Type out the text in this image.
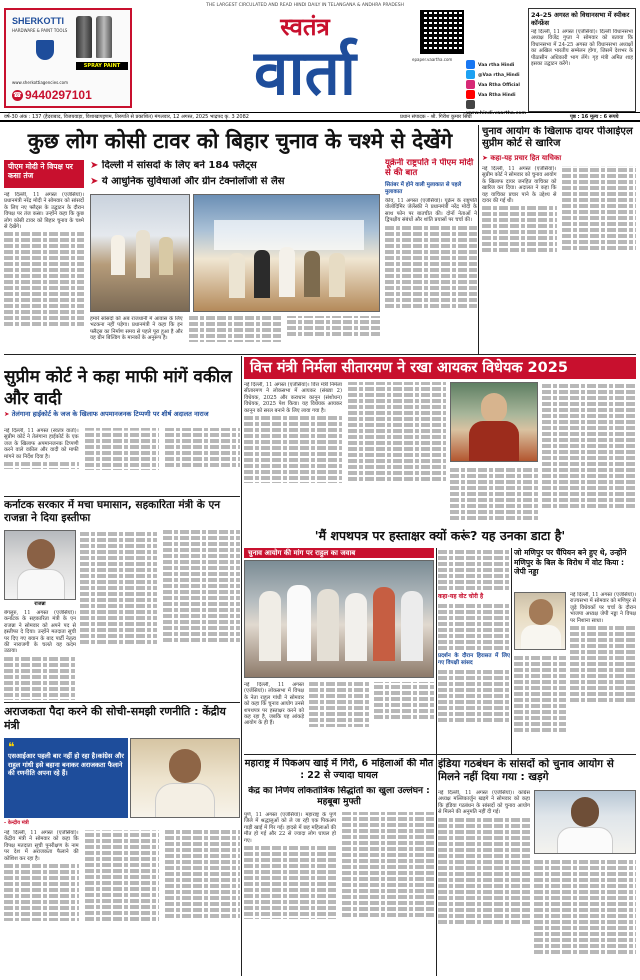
SHERKOTTI
HARDWARE & PAINT TOOLS
SPRAY PAINT
www.sherkottiagencies.com
☎ 9440297101
THE LARGEST CIRCULATED AND READ HINDI DAILY IN TELANGANA & ANDHRA PRADESH
स्वतंत्र
वार्ता	epaper.vaartha.com
Vaa rtha Hindi
@Vaa rtha_Hindi
Vaa Rtha Official
Vaa Rtha Hindi
www.hindi.vaartha.com
24-25 अगस्त को विधानसभा में स्पीकर कॉन्फ्रेंस
नई दिल्ली, 11 अगस्त (एजेंसियां)। दिल्ली विधानसभा अध्यक्ष विजेंद्र गुप्ता ने सोमवार को बताया कि विधानसभा में 24-25 अगस्त को विधानसभा अध्यक्षों का अखिल भारतीय सम्मेलन होगा, जिसमें देशभर के पीठासीन अधिकारी भाग लेंगे। गृह मंत्री अमित शाह इसका उद्घाटन करेंगे।
वर्ष-30 अंक : 137 (हैदराबाद, विजयवाड़ा, विशाखापट्टणम, तिरुपति से प्रकाशित) मंगलवार, 12 अगस्त, 2025 भाद्रपद कृ. 3 2082	प्रधान संपादक - श्री. गिरीश कुमार सिंघी	पृष्ठ : 16 मूल्य : 6 रूपये
कुछ लोग कोसी टावर को बिहार चुनाव के चश्मे से देखेंगे
पीएम मोदी ने विपक्ष पर कसा तंज
नई दिल्ली, 11 अगस्त (एजेंसियां)। प्रधानमंत्री नरेंद्र मोदी ने सोमवार को सांसदों के लिए नए फ्लैट्स के उद्घाटन के दौरान विपक्ष पर तंज कसा। उन्होंने कहा कि कुछ लोग कोसी टावर को बिहार चुनाव के चश्मे से देखेंगे।
➤ दिल्ली में सांसदों के लिए बने 184 फ्लैट्स
➤ ये आधुनिक सुविधाओं और ग्रीन टेक्नोलॉजी से लैस
हमारे सांसदों को अब राजधानी में आवास के लिए भटकना नहीं पड़ेगा। प्रधानमंत्री ने कहा कि इन फ्लैट्स का निर्माण समय से पहले पूरा हुआ है और यह ग्रीन बिल्डिंग के मानकों के अनुरूप है।
यूक्रेनी राष्ट्रपति ने पीएम मोदी से की बात
सितंबर में होने वाली मुलाकात से पहले मुलाकात
कीव, 11 अगस्त (एजेंसियां)। यूक्रेन के राष्ट्रपति वोलोदिमिर जेलेंस्की ने प्रधानमंत्री नरेंद्र मोदी के साथ फोन पर बातचीत की। दोनों नेताओं ने द्विपक्षीय संबंधों और शांति प्रयासों पर चर्चा की।
चुनाव आयोग के खिलाफ दायर पीआईएल सुप्रीम कोर्ट से खारिज
➤ कहा-यह प्रचार हित याचिका
नई दिल्ली, 11 अगस्त (एजेंसियां)। सुप्रीम कोर्ट ने सोमवार को चुनाव आयोग के खिलाफ दायर जनहित याचिका को खारिज कर दिया। अदालत ने कहा कि यह याचिका प्रचार पाने के उद्देश्य से दायर की गई थी।
वित्त मंत्री निर्मला सीतारमण ने रखा आयकर विधेयक 2025
नई दिल्ली, 11 अगस्त (एजेंसियां)। वित्त मंत्री निर्मला सीतारमण ने लोकसभा में आयकर (संख्या 2) विधेयक, 2025 और कराधान कानून (संशोधन) विधेयक, 2025 पेश किया। यह विधेयक आयकर कानून को सरल बनाने के लिए लाया गया है।
सुप्रीम कोर्ट ने कहा माफी मांगें वकील और वादी
➤ तेलंगाना हाईकोर्ट के जज के खिलाफ अपमानजनक टिप्पणी पर शीर्ष अदालत नाराज
नई दिल्ली, 11 अगस्त (स्वतंत्र वार्ता)। सुप्रीम कोर्ट ने तेलंगाना हाईकोर्ट के एक जज के खिलाफ अपमानजनक टिप्पणी करने वाले वकील और वादी को माफी मांगने का निर्देश दिया है।
कर्नाटक सरकार में मचा घमासान, सहकारिता मंत्री के एन राजन्ना ने दिया इस्तीफा
राजन्ना
बेंगलुरु, 11 अगस्त (एजेंसियां)। कर्नाटक के सहकारिता मंत्री के एन राजन्ना ने सोमवार को अपने पद से इस्तीफा दे दिया। उन्होंने मतदाता सूची पर दिए गए बयान के बाद पार्टी नेतृत्व की नाराजगी के चलते यह कदम उठाया।
'मैं शपथपत्र पर हस्ताक्षर क्यों करूं? यह उनका डाटा है'
चुनाव आयोग की मांग पर राहुल का जवाब
नई दिल्ली, 11 अगस्त (एजेंसियां)। लोकसभा में विपक्ष के नेता राहुल गांधी ने सोमवार को कहा कि चुनाव आयोग उनसे शपथपत्र पर हस्ताक्षर करने को कह रहा है, जबकि यह आंकड़े आयोग के ही हैं।
कहा-यह वोट चोरी है
प्रदर्शन के दौरान हिरासत में लिए गए विपक्षी सांसद
जो मणिपुर पर चैंपियन बने हुए थे, उन्होंने मणिपुर के बिल के विरोध में वोट किया : जेपी नड्डा
नई दिल्ली, 11 अगस्त (एजेंसियां)। राज्यसभा में सोमवार को मणिपुर से जुड़े विधेयकों पर चर्चा के दौरान भाजपा अध्यक्ष जेपी नड्डा ने विपक्ष पर निशाना साधा।
अराजकता पैदा करने की सोची-समझी रणनीति : केंद्रीय मंत्री
❝
एसआईआर पहली बार नहीं हो रहा है।कांग्रेस और राहुल गांधी इसे बहाना बनाकर अराजकता फैलाने की रणनीति अपना रहे हैं।
- केन्द्रीय मंत्री
नई दिल्ली, 11 अगस्त (एजेंसियां)। केंद्रीय मंत्री ने सोमवार को कहा कि विपक्ष मतदाता सूची पुनरीक्षण के नाम पर देश में अराजकता फैलाने की कोशिश कर रहा है।
महाराष्ट्र में पिकअप खाई में गिरी, 6 महिलाओं की मौत : 22 से ज्यादा घायल
केंद्र का निर्णय लोकतांत्रिक सिद्धांतों का खुला उल्लंघन : महबूबा मुफ्ती
पुणे, 11 अगस्त (एजेंसियां)। महाराष्ट्र के पुणे जिले में श्रद्धालुओं को ले जा रही एक पिकअप गाड़ी खाई में गिर गई। हादसे में छह महिलाओं की मौत हो गई और 22 से ज्यादा लोग घायल हो गए।
इंडिया गठबंधन के सांसदों को चुनाव आयोग से मिलने नहीं दिया गया : खड़गे
नई दिल्ली, 11 अगस्त (एजेंसियां)। कांग्रेस अध्यक्ष मल्लिकार्जुन खड़गे ने सोमवार को कहा कि इंडिया गठबंधन के सांसदों को चुनाव आयोग से मिलने की अनुमति नहीं दी गई।
